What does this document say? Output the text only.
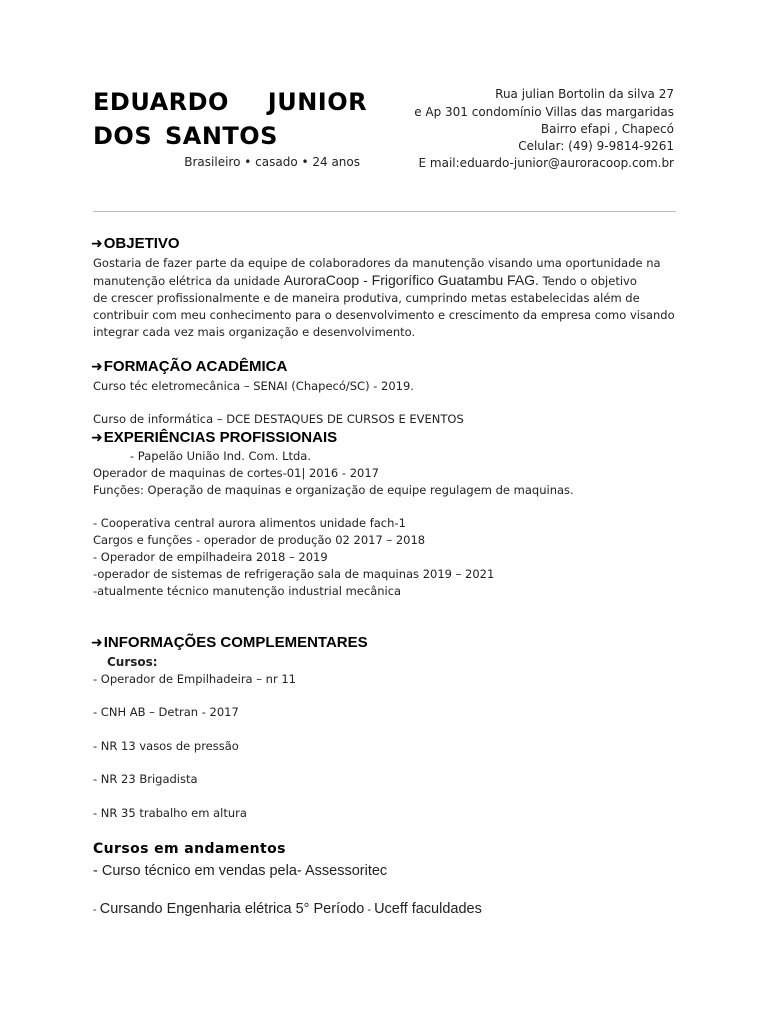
EDUARDO JUNIOR
DOS SANTOS
Brasileiro • casado • 24 anos
Rua julian Bortolin da silva 27
e Ap 301 condomínio Villas das margaridas
Bairro efapi , Chapecó
Celular: (49) 9-9814-9261
E mail:eduardo-junior@auroracoop.com.br
➜OBJETIVO

Gostaria de fazer parte da equipe de colaboradores da manutenção visando uma oportunidade na

manutenção elétrica da unidade AuroraCoop - Frigorífico Guatambu FAG. Tendo o objetivo

de crescer profissionalmente e de maneira produtiva, cumprindo metas estabelecidas além de

contribuir com meu conhecimento para o desenvolvimento e crescimento da empresa como visando

integrar cada vez mais organização e desenvolvimento.

➜FORMAÇÃO ACADÊMICA
Curso téc eletromecânica – SENAI (Chapecó/SC) - 2019.
Curso de informática – DCE DESTAQUES DE CURSOS E EVENTOS
➜EXPERIÊNCIAS PROFISSIONAIS
- Papelão União Ind. Com. Ltda.
Operador de maquinas de cortes-01| 2016 - 2017
Funções: Operação de maquinas e organização de equipe regulagem de maquinas.
- Cooperativa central aurora alimentos unidade fach-1
Cargos e funções - operador de produção 02 2017 – 2018
- Operador de empilhadeira 2018 – 2019
-operador de sistemas de refrigeração sala de maquinas 2019 – 2021
-atualmente técnico manutenção industrial mecânica
➜INFORMAÇÕES COMPLEMENTARES
Cursos:
- Operador de Empilhadeira – nr 11
- CNH AB – Detran - 2017
- NR 13 vasos de pressão
- NR 23 Brigadista
- NR 35 trabalho em altura
Cursos em andamentos
- Curso técnico em vendas pela- Assessoritec
- Cursando Engenharia elétrica 5° Período - Uceff faculdades
